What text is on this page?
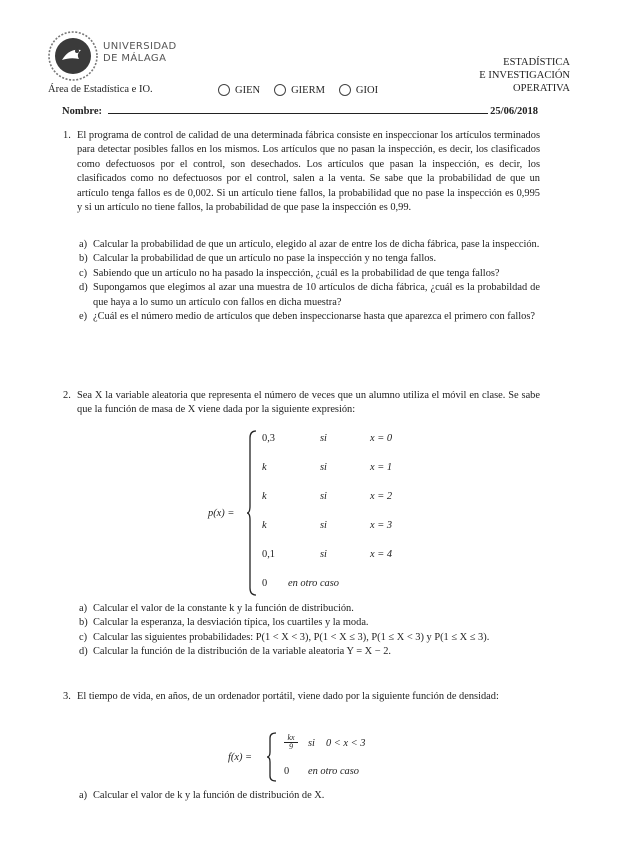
UNIVERSIDAD
DE MÁLAGA	ESTADÍSTICA
E INVESTIGACIÓN
OPERATIVA
Área de Estadística e IO.	GIEN	GIERM	GIOI
Nombre:	25/06/2018
1. El programa de control de calidad de una determinada fábrica consiste en inspeccionar los artículos terminados para detectar posibles fallos en los mismos. Los artículos que no pasan la inspección, es decir, los clasificados como defectuosos por el control, son desechados. Los artículos que pasan la inspección, es decir, los clasificados como no defectuosos por el control, salen a la venta. Se sabe que la probabilidad de que un artículo tenga fallos es de 0,002. Si un artículo tiene fallos, la probabilidad que no pase la inspección es 0,995 y si un artículo no tiene fallos, la probabilidad de que pase la inspección es 0,99.
a) Calcular la probabilidad de que un artículo, elegido al azar de entre los de dicha fábrica, pase la inspección.
b) Calcular la probabilidad de que un artículo no pase la inspección y no tenga fallos.
c) Sabiendo que un artículo no ha pasado la inspección, ¿cuál es la probabilidad de que tenga fallos?
d) Supongamos que elegimos al azar una muestra de 10 artículos de dicha fábrica, ¿cuál es la probabildad de que haya a lo sumo un artículo con fallos en dicha muestra?
e) ¿Cuál es el número medio de artículos que deben inspeccionarse hasta que aparezca el primero con fallos?
2. Sea X la variable aleatoria que representa el número de veces que un alumno utiliza el móvil en clase. Se sabe que la función de masa de X viene dada por la siguiente expresión:
p(x) =
0,3	si	x = 0
k	si	x = 1
k	si	x = 2
k	si	x = 3
0,1	si	x = 4
0 en otro caso
a) Calcular el valor de la constante k y la función de distribución.
b) Calcular la esperanza, la desviación típica, los cuartiles y la moda.
c) Calcular las siguientes probabilidades: P(1 < X < 3), P(1 < X ≤ 3), P(1 ≤ X < 3) y P(1 ≤ X ≤ 3).
d) Calcular la función de la distribución de la variable aleatoria Y = X − 2.
3. El tiempo de vida, en años, de un ordenador portátil, viene dado por la siguiente función de densidad:
f(x) =
$\frac{kx}{9}$ si 0 < x < 3
0 en otro caso
a) Calcular el valor de k y la función de distribución de X.
